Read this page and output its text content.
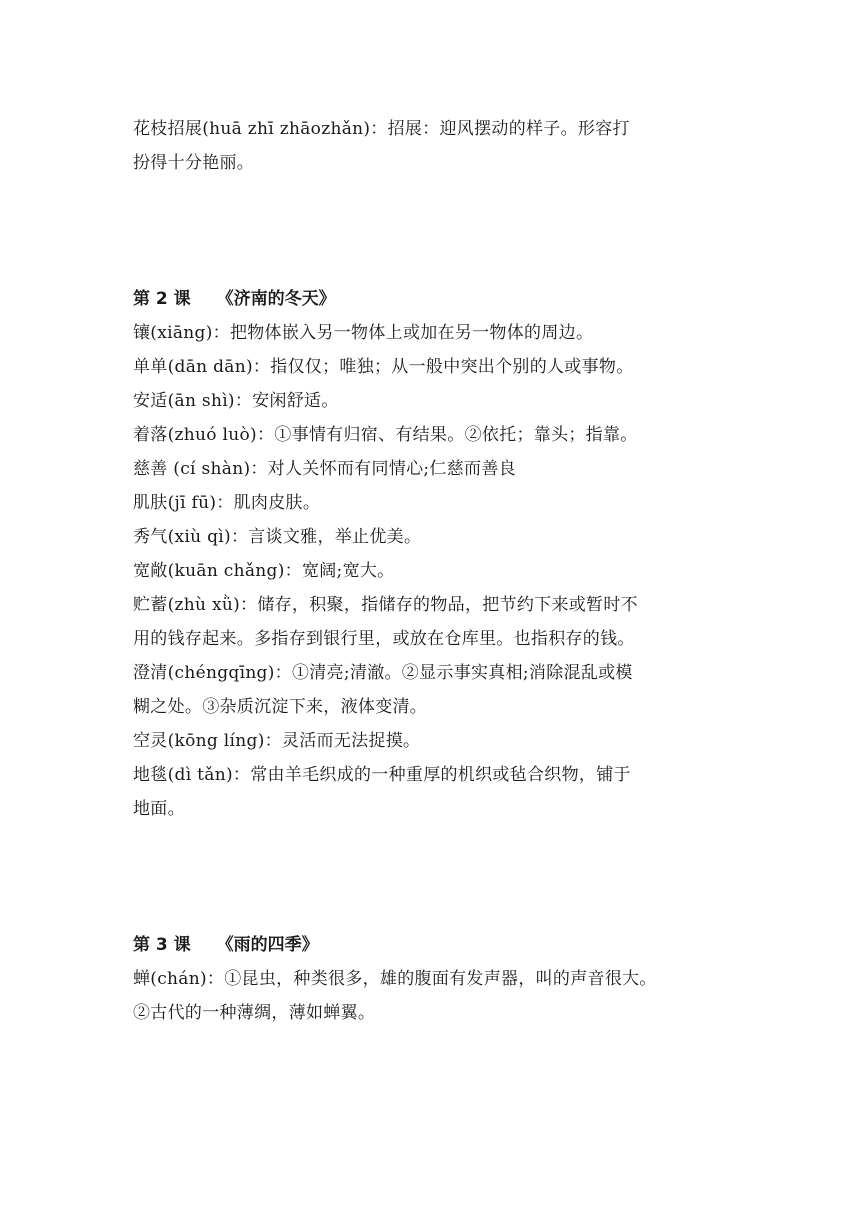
花枝招展(huā zhī zhāozhǎn)：招展：迎风摆动的样子。形容打
扮得十分艳丽。
第 2 课 《济南的冬天》
镶(xiāng)：把物体嵌入另一物体上或加在另一物体的周边。
单单(dān dān)：指仅仅；唯独；从一般中突出个别的人或事物。
安适(ān shì)：安闲舒适。
着落(zhuó luò)：①事情有归宿、有结果。②依托；靠头；指靠。
慈善 (cí shàn)：对人关怀而有同情心;仁慈而善良
肌肤(jī fū)：肌肉皮肤。
秀气(xiù qì)：言谈文雅，举止优美。
宽敞(kuān chǎng)：宽阔;宽大。
贮蓄(zhù xǜ)：储存，积聚，指储存的物品，把节约下来或暂时不
用的钱存起来。多指存到银行里，或放在仓库里。也指积存的钱。
澄清(chéngqīng)：①清亮;清澈。②显示事实真相;消除混乱或模
糊之处。③杂质沉淀下来，液体变清。
空灵(kōng líng)：灵活而无法捉摸。
地毯(dì tǎn)：常由羊毛织成的一种重厚的机织或毡合织物，铺于
地面。
第 3 课 《雨的四季》
蝉(chán)：①昆虫，种类很多，雄的腹面有发声器，叫的声音很大。
②古代的一种薄绸，薄如蝉翼。
